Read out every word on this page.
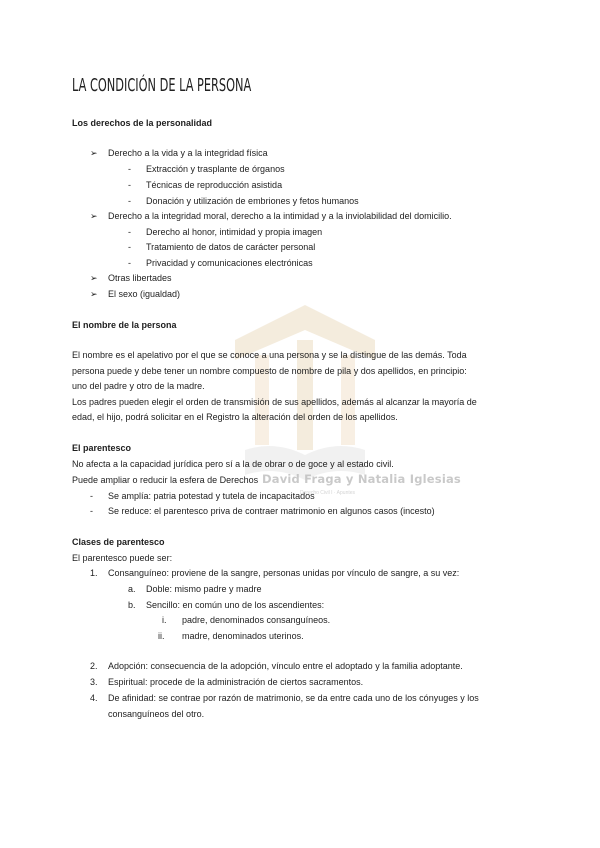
David Fraga y Natalia Iglesias
Derecho Civil I · Apuntes
LA CONDICIÓN DE LA PERSONA
Los derechos de la personalidad
➢ Derecho a la vida y a la integridad física
- Extracción y trasplante de órganos
- Técnicas de reproducción asistida
- Donación y utilización de embriones y fetos humanos
➢ Derecho a la integridad moral, derecho a la intimidad y a la inviolabilidad del domicilio.
- Derecho al honor, intimidad y propia imagen
- Tratamiento de datos de carácter personal
- Privacidad y comunicaciones electrónicas
➢ Otras libertades
➢ El sexo (igualdad)
El nombre de la persona
El nombre es el apelativo por el que se conoce a una persona y se la distingue de las demás. Toda
persona puede y debe tener un nombre compuesto de nombre de pila y dos apellidos, en principio:
uno del padre y otro de la madre.
Los padres pueden elegir el orden de transmisión de sus apellidos, además al alcanzar la mayoría de
edad, el hijo, podrá solicitar en el Registro la alteración del orden de los apellidos.
El parentesco
No afecta a la capacidad jurídica pero sí a la de obrar o de goce y al estado civil.
Puede ampliar o reducir la esfera de Derechos
- Se amplía: patria potestad y tutela de incapacitados
- Se reduce: el parentesco priva de contraer matrimonio en algunos casos (incesto)
Clases de parentesco
El parentesco puede ser:
1. Consanguíneo: proviene de la sangre, personas unidas por vínculo de sangre, a su vez:
a. Doble: mismo padre y madre
b. Sencillo: en común uno de los ascendientes:
i. padre, denominados consanguíneos.
ii. madre, denominados uterinos.
2. Adopción: consecuencia de la adopción, vínculo entre el adoptado y la familia adoptante.
3. Espiritual: procede de la administración de ciertos sacramentos.
4. De afinidad: se contrae por razón de matrimonio, se da entre cada uno de los cónyuges y los
consanguíneos del otro.
